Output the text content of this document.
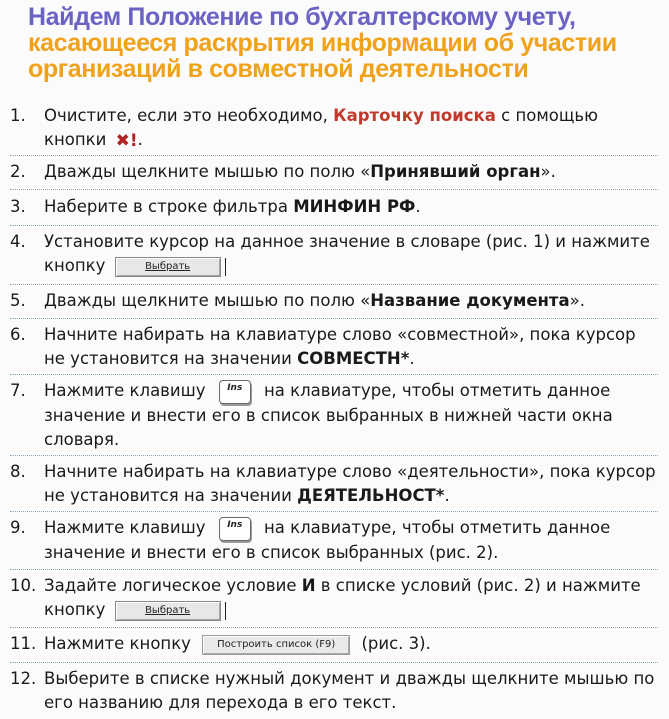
Найдем Положение по бухгалтерскому учету,
касающееся раскрытия информации об участии
организаций в совместной деятельности
1.	Очистите, если это необходимо, Карточку поиска с помощью кнопки ✖!.
2.	Дважды щелкните мышью по полю «Принявший орган».
3.	Наберите в строке фильтра МИНФИН РФ.
4.	Установите курсор на данное значение в словаре (рис. 1) и нажмите кнопку	Выбрать
5.	Дважды щелкните мышью по полю «Название документа».
6.	Начните набирать на клавиатуре слово «совместной», пока курсор не установится на значении СОВМЕСТН*.
7.	Нажмите клавишу Ins на клавиатуре, чтобы отметить данное значение и внести его в список выбранных в нижней части окна словаря.
8.	Начните набирать на клавиатуре слово «деятельности», пока курсор не установится на значении ДЕЯТЕЛЬНОСТ*.
9.	Нажмите клавишу Ins на клавиатуре, чтобы отметить данное значение и внести его в список выбранных (рис. 2).
10. Задайте логическое условие И в списке условий (рис. 2) и нажмите кнопку	Выбрать
11. Нажмите кнопку	Построить список (F9) (рис. 3).
12. Выберите в списке нужный документ и дважды щелкните мышью по его названию для перехода в его текст.
